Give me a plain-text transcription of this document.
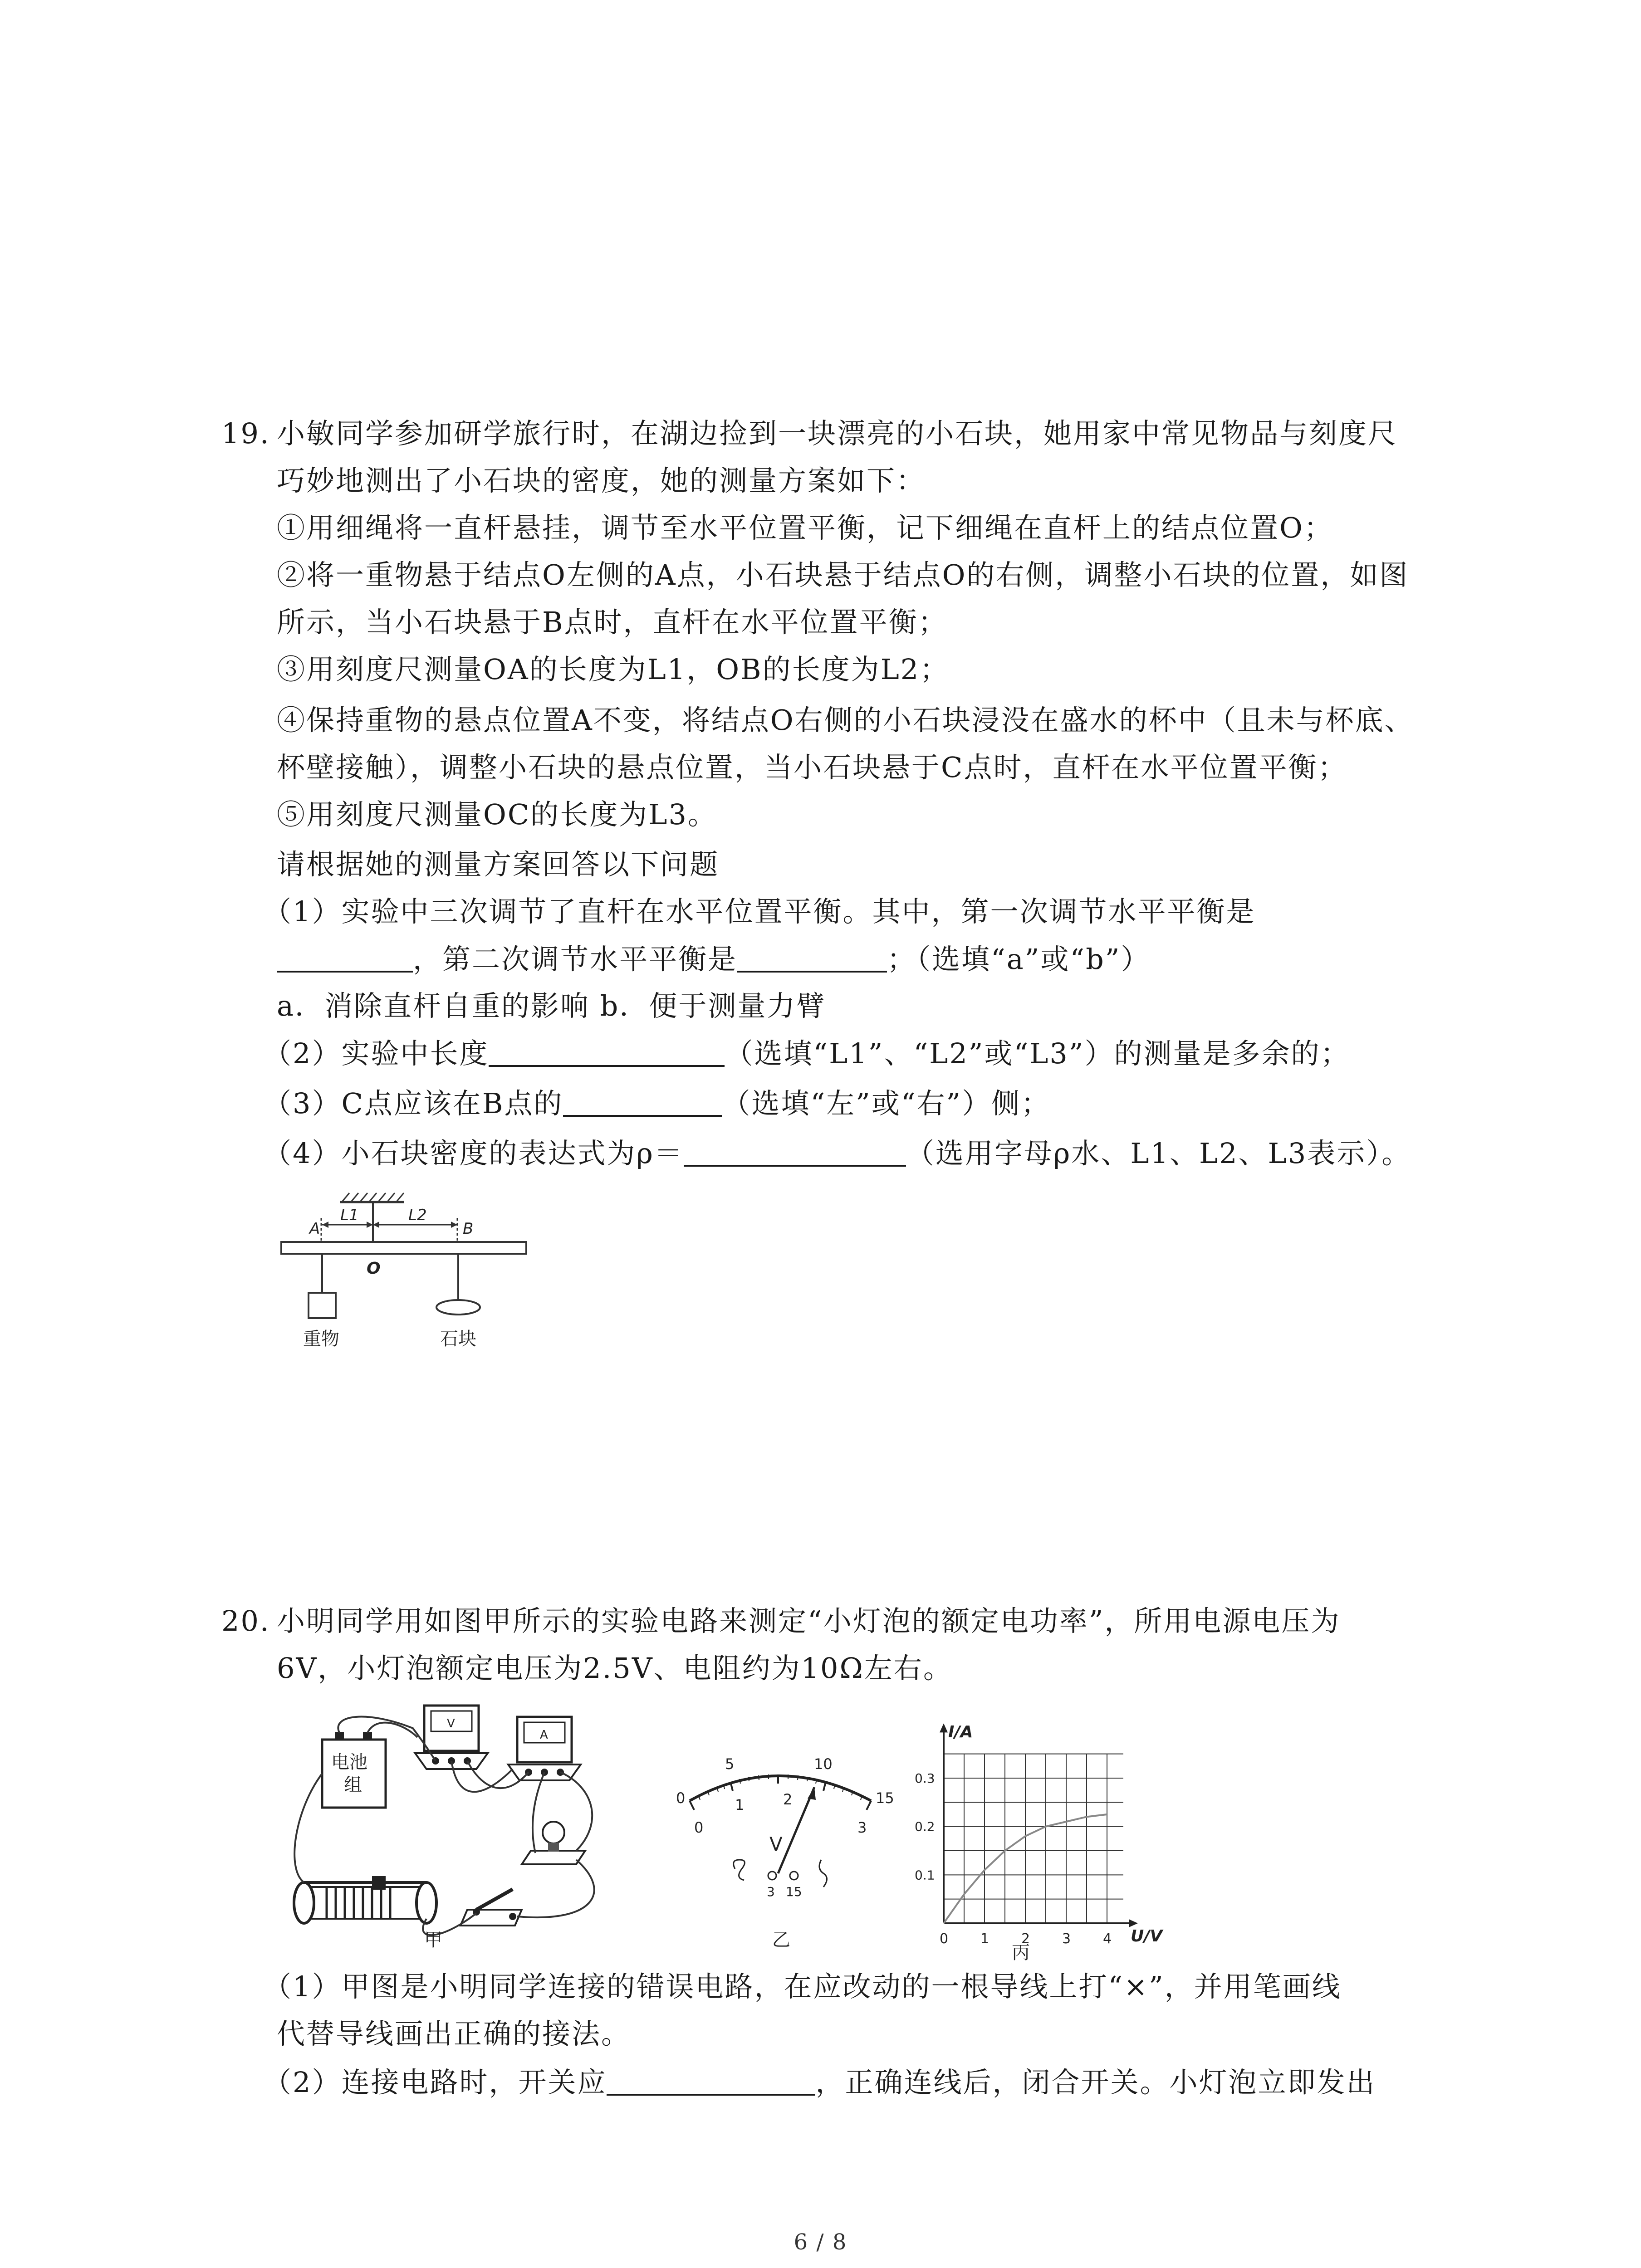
19. 小敏同学参加研学旅行时，在湖边捡到一块漂亮的小石块，她用家中常见物品与刻度尺
巧妙地测出了小石块的密度，她的测量方案如下：
①用细绳将一直杆悬挂，调节至水平位置平衡，记下细绳在直杆上的结点位置O；
②将一重物悬于结点O左侧的A点，小石块悬于结点O的右侧，调整小石块的位置，如图
所示，当小石块悬于B点时，直杆在水平位置平衡；
③用刻度尺测量OA的长度为L1，OB的长度为L2；
④保持重物的悬点位置A不变，将结点O右侧的小石块浸没在盛水的杯中（且未与杯底、
杯壁接触），调整小石块的悬点位置，当小石块悬于C点时，直杆在水平位置平衡；
⑤用刻度尺测量OC的长度为L3。
请根据她的测量方案回答以下问题
（1）实验中三次调节了直杆在水平位置平衡。其中，第一次调节水平平衡是
，第二次调节水平平衡是	；（选填“a”或“b”）
a．消除直杆自重的影响 b．便于测量力臂
（2）实验中长度	（选填“L1”、“L2”或“L3”）的测量是多余的；
（3）C点应该在B点的	（选填“左”或“右”）侧；
（4）小石块密度的表达式为ρ＝	（选用字母ρ水、L1、L2、L3表示）。
A
L1	L2
B
O
重物	石块
20. 小明同学用如图甲所示的实验电路来测定“小灯泡的额定电功率”，所用电源电压为
6V，小灯泡额定电压为2.5V、电阻约为10Ω左右。
电池
组
V
A
甲
0
5	10
15
0
1	2
3
V
3 15
乙	0 1 2 3 4
0.1
0.2
0.3
I/A
U/V
丙
（1）甲图是小明同学连接的错误电路，在应改动的一根导线上打“×”，并用笔画线
代替导线画出正确的接法。
（2）连接电路时，开关应	，正确连线后，闭合开关。小灯泡立即发出
6 / 8
